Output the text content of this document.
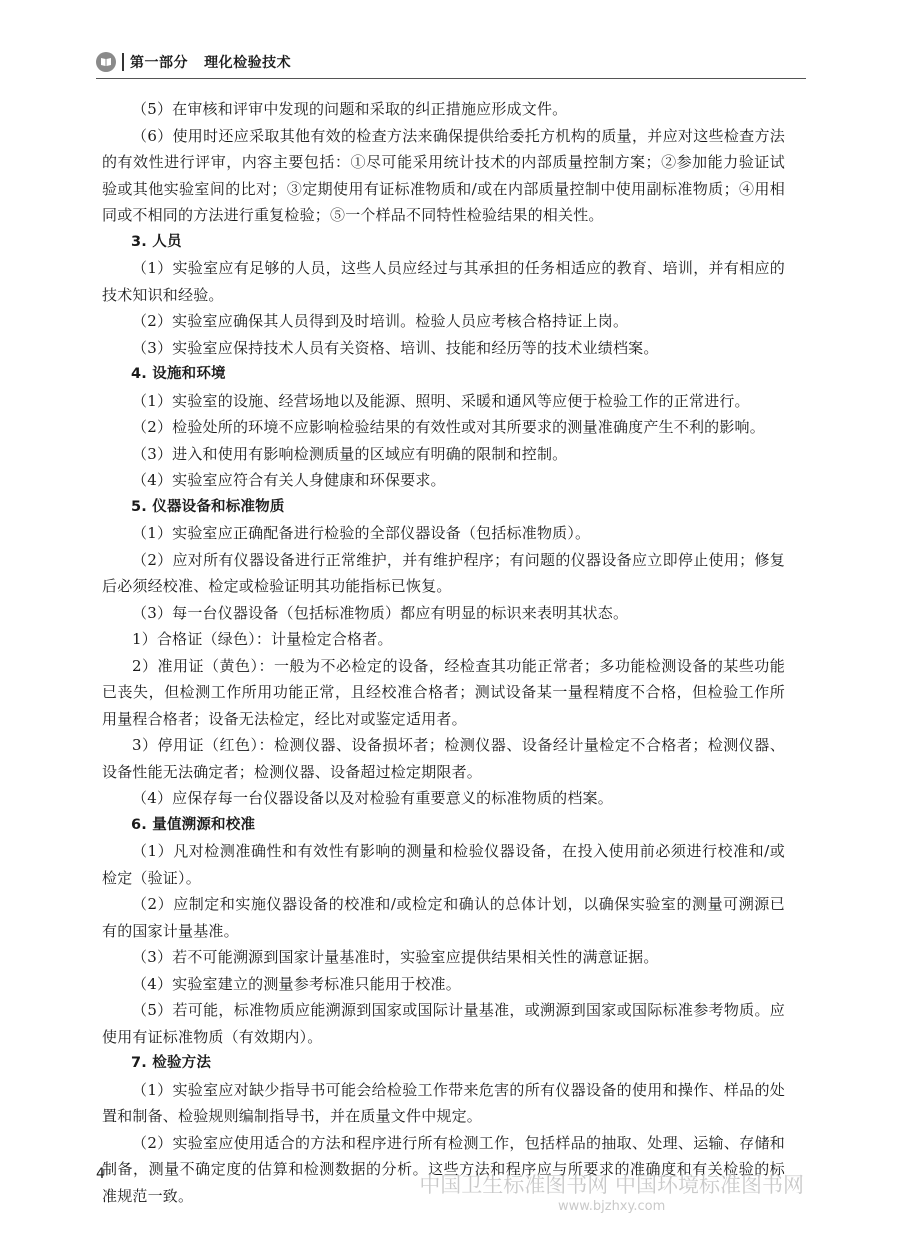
第一部分   理化检验技术

（5）在审核和评审中发现的问题和采取的纠正措施应形成文件。

（6）使用时还应采取其他有效的检查方法来确保提供给委托方机构的质量，并应对这些检查方法的有效性进行评审，内容主要包括：①尽可能采用统计技术的内部质量控制方案；②参加能力验证试验或其他实验室间的比对；③定期使用有证标准物质和/或在内部质量控制中使用副标准物质；④用相同或不相同的方法进行重复检验；⑤一个样品不同特性检验结果的相关性。

3. 人员

（1）实验室应有足够的人员，这些人员应经过与其承担的任务相适应的教育、培训，并有相应的技术知识和经验。

（2）实验室应确保其人员得到及时培训。检验人员应考核合格持证上岗。

（3）实验室应保持技术人员有关资格、培训、技能和经历等的技术业绩档案。

4. 设施和环境

（1）实验室的设施、经营场地以及能源、照明、采暖和通风等应便于检验工作的正常进行。

（2）检验处所的环境不应影响检验结果的有效性或对其所要求的测量准确度产生不利的影响。

（3）进入和使用有影响检测质量的区域应有明确的限制和控制。

（4）实验室应符合有关人身健康和环保要求。

5. 仪器设备和标准物质

（1）实验室应正确配备进行检验的全部仪器设备（包括标准物质）。

（2）应对所有仪器设备进行正常维护，并有维护程序；有问题的仪器设备应立即停止使用；修复后必须经校准、检定或检验证明其功能指标已恢复。

（3）每一台仪器设备（包括标准物质）都应有明显的标识来表明其状态。

1）合格证（绿色）：计量检定合格者。

2）准用证（黄色）：一般为不必检定的设备，经检查其功能正常者；多功能检测设备的某些功能已丧失，但检测工作所用功能正常，且经校准合格者；测试设备某一量程精度不合格，但检验工作所用量程合格者；设备无法检定，经比对或鉴定适用者。

3）停用证（红色）：检测仪器、设备损坏者；检测仪器、设备经计量检定不合格者；检测仪器、设备性能无法确定者；检测仪器、设备超过检定期限者。

（4）应保存每一台仪器设备以及对检验有重要意义的标准物质的档案。

6. 量值溯源和校准

（1）凡对检测准确性和有效性有影响的测量和检验仪器设备，在投入使用前必须进行校准和/或检定（验证）。

（2）应制定和实施仪器设备的校准和/或检定和确认的总体计划，以确保实验室的测量可溯源已有的国家计量基准。

（3）若不可能溯源到国家计量基准时，实验室应提供结果相关性的满意证据。

（4）实验室建立的测量参考标准只能用于校准。

（5）若可能，标准物质应能溯源到国家或国际计量基准，或溯源到国家或国际标准参考物质。应使用有证标准物质（有效期内）。

7. 检验方法

（1）实验室应对缺少指导书可能会给检验工作带来危害的所有仪器设备的使用和操作、样品的处置和制备、检验规则编制指导书，并在质量文件中规定。

（2）实验室应使用适合的方法和程序进行所有检测工作，包括样品的抽取、处理、运输、存储和制备，测量不确定度的估算和检测数据的分析。这些方法和程序应与所要求的准确度和有关检验的标准规范一致。

4	中国卫生标准图书网 中国环境标准图书网
www.bjzhxy.com
